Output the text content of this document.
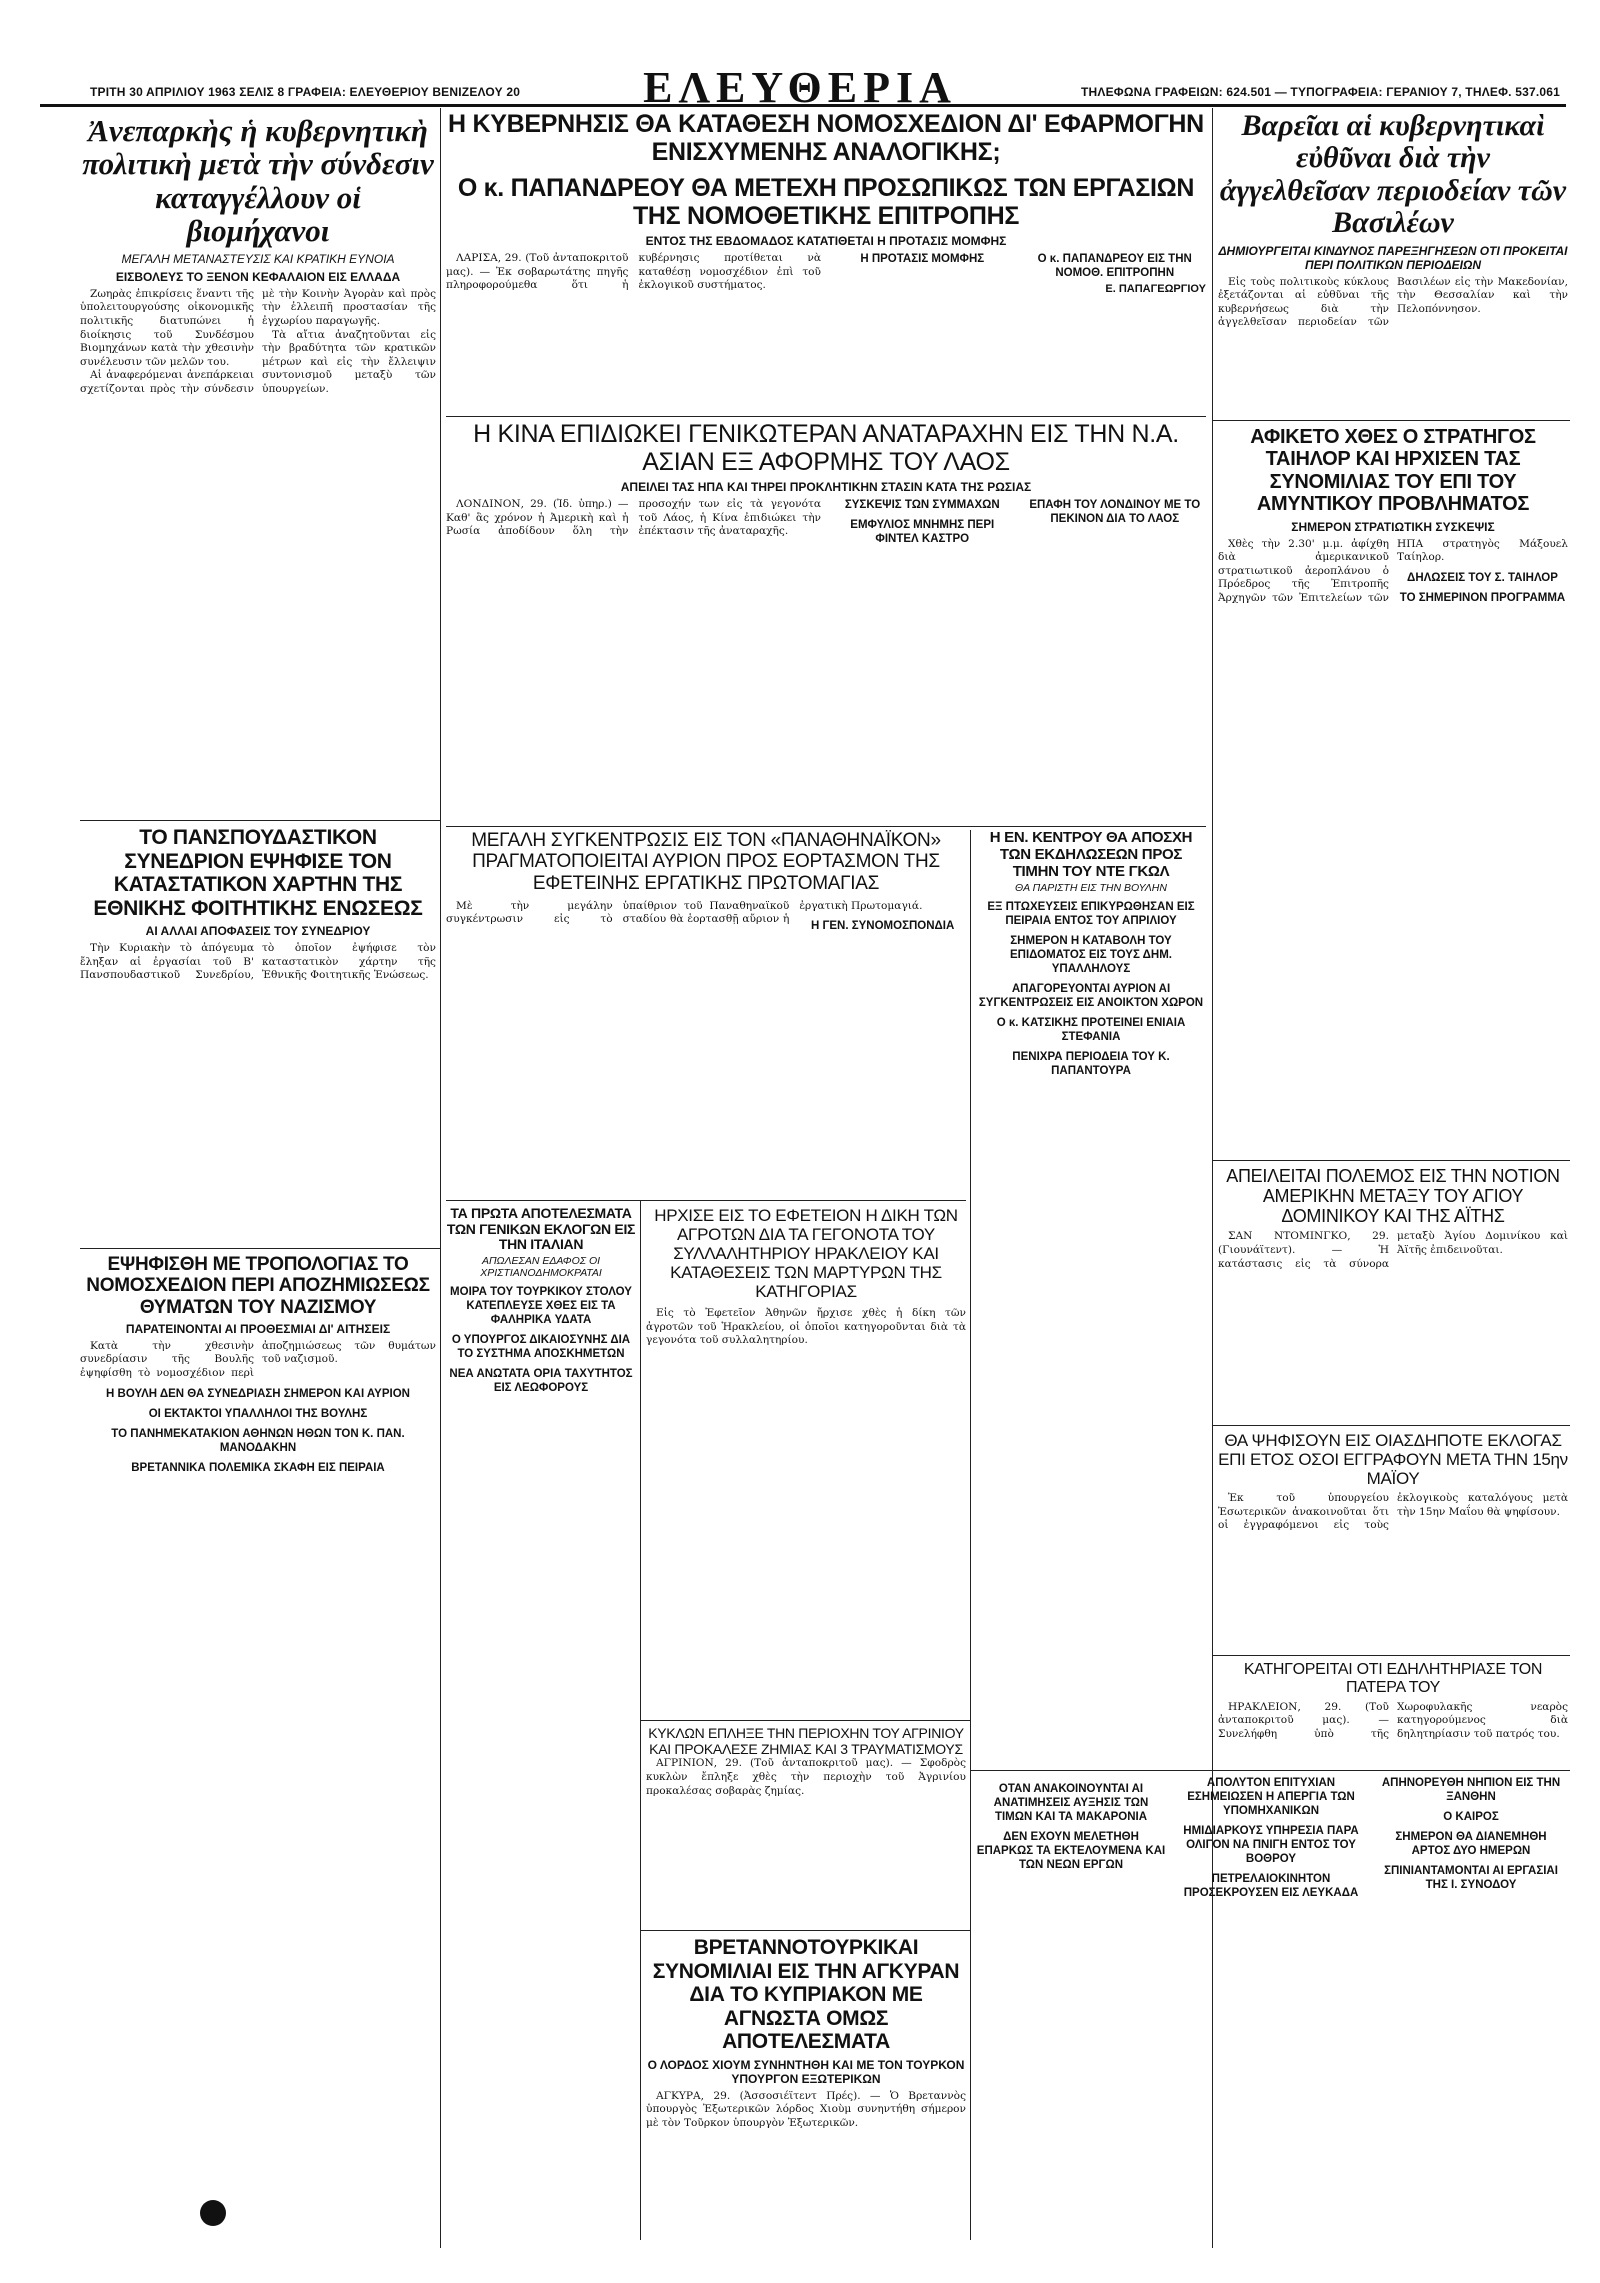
ΤΡΙΤΗ 30 ΑΠΡΙΛΙΟΥ 1963 ΣΕΛΙΣ 8 ΓΡΑΦΕΙΑ: ΕΛΕΥΘΕΡΙΟΥ ΒΕΝΙΖΕΛΟΥ 20	ΕΛΕΥΘΕΡΙΑ	ΤΗΛΕΦΩΝΑ ΓΡΑΦΕΙΩΝ: 624.501 — ΤΥΠΟΓΡΑΦΕΙΑ: ΓΕΡΑΝΙΟΥ 7, ΤΗΛΕΦ. 537.061
Ἀνεπαρκὴς ἡ κυβερνητικὴ πολιτικὴ μετὰ τὴν σύνδεσιν καταγγέλλουν οἱ βιομήχανοι
ΜΕΓΑΛΗ ΜΕΤΑΝΑΣΤΕΥΣΙΣ ΚΑΙ ΚΡΑΤΙΚΗ ΕΥΝΟΙΑ
ΕΙΣΒΟΛΕΥΣ ΤΟ ΞΕΝΟΝ ΚΕΦΑΛΑΙΟΝ ΕΙΣ ΕΛΛΑΔΑ

Ζωηρὰς ἐπικρίσεις ἕναντι τῆς ὑπολειτουργούσης οἰκονομικῆς πολιτικῆς διατυπώνει ἡ διοίκησις τοῦ Συνδέσμου Βιομηχάνων κατὰ τὴν χθεσινὴν συνέλευσιν τῶν μελῶν του.

Αἱ ἀναφερόμεναι ἀνεπάρκειαι σχετίζονται πρὸς τὴν σύνδεσιν μὲ τὴν Κοινὴν Ἀγορὰν καὶ πρὸς τὴν ἐλλειπῆ προστασίαν τῆς ἐγχωρίου παραγωγῆς.

Τὰ αἴτια ἀναζητοῦνται εἰς τὴν βραδύτητα τῶν κρατικῶν μέτρων καὶ εἰς τὴν ἔλλειψιν συντονισμοῦ μεταξὺ τῶν ὑπουργείων.

ΤΟ ΠΑΝΣΠΟΥΔΑΣΤΙΚΟΝ ΣΥΝΕΔΡΙΟΝ ΕΨΗΦΙΣΕ ΤΟΝ ΚΑΤΑΣΤΑΤΙΚΟΝ ΧΑΡΤΗΝ ΤΗΣ ΕΘΝΙΚΗΣ ΦΟΙΤΗΤΙΚΗΣ ΕΝΩΣΕΩΣ
ΑΙ ΑΛΛΑΙ ΑΠΟΦΑΣΕΙΣ ΤΟΥ ΣΥΝΕΔΡΙΟΥ

Τὴν Κυριακὴν τὸ ἀπόγευμα ἔληξαν αἱ ἐργασίαι τοῦ Β' Πανσπουδαστικοῦ Συνεδρίου, τὸ ὁποῖον ἐψήφισε τὸν καταστατικὸν χάρτην τῆς Ἐθνικῆς Φοιτητικῆς Ἑνώσεως.

ΕΨΗΦΙΣΘΗ ΜΕ ΤΡΟΠΟΛΟΓΙΑΣ ΤΟ ΝΟΜΟΣΧΕΔΙΟΝ ΠΕΡΙ ΑΠΟΖΗΜΙΩΣΕΩΣ ΘΥΜΑΤΩΝ ΤΟΥ ΝΑΖΙΣΜΟΥ
ΠΑΡΑΤΕΙΝΟΝΤΑΙ ΑΙ ΠΡΟΘΕΣΜΙΑΙ ΔΙ' ΑΙΤΗΣΕΙΣ

Κατὰ τὴν χθεσινὴν συνεδρίασιν τῆς Βουλῆς ἐψηφίσθη τὸ νομοσχέδιον περὶ ἀποζημιώσεως τῶν θυμάτων τοῦ ναζισμοῦ.

Η ΒΟΥΛΗ ΔΕΝ ΘΑ ΣΥΝΕΔΡΙΑΣΗ ΣΗΜΕΡΟΝ ΚΑΙ ΑΥΡΙΟΝ
ΟΙ ΕΚΤΑΚΤΟΙ ΥΠΑΛΛΗΛΟΙ ΤΗΣ ΒΟΥΛΗΣ
ΤΟ ΠΑΝΗΜΕΚΑΤΑΚΙΟΝ ΑΘΗΝΩΝ ΗΘΩΝ ΤΟΝ Κ. ΠΑΝ. ΜΑΝΟΔΑΚΗΝ
ΒΡΕΤΑΝΝΙΚΑ ΠΟΛΕΜΙΚΑ ΣΚΑΦΗ ΕΙΣ ΠΕΙΡΑΙΑ
Η ΚΥΒΕΡΝΗΣΙΣ ΘΑ ΚΑΤΑΘΕΣΗ ΝΟΜΟΣΧΕΔΙΟΝ ΔΙ' ΕΦΑΡΜΟΓΗΝ ΕΝΙΣΧΥΜΕΝΗΣ ΑΝΑΛΟΓΙΚΗΣ;
Ο κ. ΠΑΠΑΝΔΡΕΟΥ ΘΑ ΜΕΤΕΧΗ ΠΡΟΣΩΠΙΚΩΣ ΤΩΝ ΕΡΓΑΣΙΩΝ ΤΗΣ ΝΟΜΟΘΕΤΙΚΗΣ ΕΠΙΤΡΟΠΗΣ
ΕΝΤΟΣ ΤΗΣ ΕΒΔΟΜΑΔΟΣ ΚΑΤΑΤΙΘΕΤΑΙ Η ΠΡΟΤΑΣΙΣ ΜΟΜΦΗΣ

ΛΑΡΙΣΑ, 29. (Τοῦ ἀνταποκριτοῦ μας). — Ἐκ σοβαρωτάτης πηγῆς πληροφορούμεθα ὅτι ἡ κυβέρνησις προτίθεται νὰ καταθέσῃ νομοσχέδιον ἐπὶ τοῦ ἐκλογικοῦ συστήματος.

Η ΠΡΟΤΑΣΙΣ ΜΟΜΦΗΣ	Ο κ. ΠΑΠΑΝΔΡΕΟΥ ΕΙΣ ΤΗΝ ΝΟΜΟΘ. ΕΠΙΤΡΟΠΗΝ
Ε. ΠΑΠΑΓΕΩΡΓΙΟΥ
Η ΚΙΝΑ ΕΠΙΔΙΩΚΕΙ ΓΕΝΙΚΩΤΕΡΑΝ ΑΝΑΤΑΡΑΧΗΝ ΕΙΣ ΤΗΝ Ν.Α. ΑΣΙΑΝ ΕΞ ΑΦΟΡΜΗΣ ΤΟΥ ΛΑΟΣ
ΑΠΕΙΛΕΙ ΤΑΣ ΗΠΑ ΚΑΙ ΤΗΡΕΙ ΠΡΟΚΛΗΤΙΚΗΝ ΣΤΑΣΙΝ ΚΑΤΑ ΤΗΣ ΡΩΣΙΑΣ

ΛΟΝΔΙΝΟΝ, 29. (Ἰδ. ὑπηρ.) — Καθ' ἃς χρόνον ἡ Ἀμερικὴ καὶ ἡ Ρωσία ἀποδίδουν ὅλη τὴν προσοχήν των εἰς τὰ γεγονότα τοῦ Λάος, ἡ Κίνα ἐπιδιώκει τὴν ἐπέκτασιν τῆς ἀναταραχῆς.

ΣΥΣΚΕΨΙΣ ΤΩΝ ΣΥΜΜΑΧΩΝ
ΕΜΦΥΛΙΟΣ ΜΝΗΜΗΣ ΠΕΡΙ ΦΙΝΤΕΛ ΚΑΣΤΡΟ
ΕΠΑΦΗ ΤΟΥ ΛΟΝΔΙΝΟΥ ΜΕ ΤΟ ΠΕΚΙΝΟΝ ΔΙΑ ΤΟ ΛΑΟΣ
ΜΕΓΑΛΗ ΣΥΓΚΕΝΤΡΩΣΙΣ ΕΙΣ ΤΟΝ «ΠΑΝΑΘΗΝΑΪΚΟΝ» ΠΡΑΓΜΑΤΟΠΟΙΕΙΤΑΙ ΑΥΡΙΟΝ ΠΡΟΣ ΕΟΡΤΑΣΜΟΝ ΤΗΣ ΕΦΕΤΕΙΝΗΣ ΕΡΓΑΤΙΚΗΣ ΠΡΩΤΟΜΑΓΙΑΣ

Μὲ τὴν μεγάλην συγκέντρωσιν εἰς τὸ ὑπαίθριον τοῦ Παναθηναϊκοῦ σταδίου θὰ ἑορτασθῇ αὔριον ἡ ἐργατικὴ Πρωτομαγιά.

Η ΓΕΝ. ΣΥΝΟΜΟΣΠΟΝΔΙΑ
Η ΕΝ. ΚΕΝΤΡΟΥ ΘΑ ΑΠΟΣΧΗ ΤΩΝ ΕΚΔΗΛΩΣΕΩΝ ΠΡΟΣ ΤΙΜΗΝ ΤΟΥ ΝΤΕ ΓΚΩΛ
ΘΑ ΠΑΡΙΣΤΗ ΕΙΣ ΤΗΝ ΒΟΥΛΗΝ
ΕΞ ΠΤΩΧΕΥΣΕΙΣ ΕΠΙΚΥΡΩΘΗΣΑΝ ΕΙΣ ΠΕΙΡΑΙΑ ΕΝΤΟΣ ΤΟΥ ΑΠΡΙΛΙΟΥ
ΣΗΜΕΡΟΝ Η ΚΑΤΑΒΟΛΗ ΤΟΥ ΕΠΙΔΟΜΑΤΟΣ ΕΙΣ ΤΟΥΣ ΔΗΜ. ΥΠΑΛΛΗΛΟΥΣ
ΑΠΑΓΟΡΕΥΟΝΤΑΙ ΑΥΡΙΟΝ ΑΙ ΣΥΓΚΕΝΤΡΩΣΕΙΣ ΕΙΣ ΑΝΟΙΚΤΟΝ ΧΩΡΟΝ
Ο κ. ΚΑΤΣΙΚΗΣ ΠΡΟΤΕΙΝΕΙ ΕΝΙΑΙΑ ΣΤΕΦΑΝΙΑ
ΠΕΝΙΧΡΑ ΠΕΡΙΟΔΕΙΑ ΤΟΥ Κ. ΠΑΠΑΝΤΟΥΡΑ
ΤΑ ΠΡΩΤΑ ΑΠΟΤΕΛΕΣΜΑΤΑ ΤΩΝ ΓΕΝΙΚΩΝ ΕΚΛΟΓΩΝ ΕΙΣ ΤΗΝ ΙΤΑΛΙΑΝ
ΑΠΩΛΕΣΑΝ ΕΔΑΦΟΣ ΟΙ ΧΡΙΣΤΙΑΝΟΔΗΜΟΚΡΑΤΑΙ
ΜΟΙΡΑ ΤΟΥ ΤΟΥΡΚΙΚΟΥ ΣΤΟΛΟΥ ΚΑΤΕΠΛΕΥΣΕ ΧΘΕΣ ΕΙΣ ΤΑ ΦΑΛΗΡΙΚΑ ΥΔΑΤΑ
Ο ΥΠΟΥΡΓΟΣ ΔΙΚΑΙΟΣΥΝΗΣ ΔΙΑ ΤΟ ΣΥΣΤΗΜΑ ΑΠΟΣΚΗΜΕΤΩΝ
ΝΕΑ ΑΝΩΤΑΤΑ ΟΡΙΑ ΤΑΧΥΤΗΤΟΣ ΕΙΣ ΛΕΩΦΟΡΟΥΣ
ΗΡΧΙΣΕ ΕΙΣ ΤΟ ΕΦΕΤΕΙΟΝ Η ΔΙΚΗ ΤΩΝ ΑΓΡΟΤΩΝ ΔΙΑ ΤΑ ΓΕΓΟΝΟΤΑ ΤΟΥ ΣΥΛΛΑΛΗΤΗΡΙΟΥ ΗΡΑΚΛΕΙΟΥ ΚΑΙ ΚΑΤΑΘΕΣΕΙΣ ΤΩΝ ΜΑΡΤΥΡΩΝ ΤΗΣ ΚΑΤΗΓΟΡΙΑΣ

Εἰς τὸ Ἐφετεῖον Ἀθηνῶν ἤρχισε χθὲς ἡ δίκη τῶν ἀγροτῶν τοῦ Ἡρακλείου, οἱ ὁποῖοι κατηγοροῦνται διὰ τὰ γεγονότα τοῦ συλλαλητηρίου.

ΚΥΚΛΩΝ ΕΠΛΗΞΕ ΤΗΝ ΠΕΡΙΟΧΗΝ ΤΟΥ ΑΓΡΙΝΙΟΥ ΚΑΙ ΠΡΟΚΑΛΕΣΕ ΖΗΜΙΑΣ ΚΑΙ 3 ΤΡΑΥΜΑΤΙΣΜΟΥΣ

ΑΓΡΙΝΙΟΝ, 29. (Τοῦ ἀνταποκριτοῦ μας). — Σφοδρὸς κυκλὼν ἔπληξε χθὲς τὴν περιοχὴν τοῦ Ἀγρινίου προκαλέσας σοβαρὰς ζημίας.

ΒΡΕΤΑΝΝΟΤΟΥΡΚΙΚΑΙ ΣΥΝΟΜΙΛΙΑΙ ΕΙΣ ΤΗΝ ΑΓΚΥΡΑΝ ΔΙΑ ΤΟ ΚΥΠΡΙΑΚΟΝ ΜΕ ΑΓΝΩΣΤΑ ΟΜΩΣ ΑΠΟΤΕΛΕΣΜΑΤΑ
Ο ΛΟΡΔΟΣ ΧΙΟΥΜ ΣΥΝΗΝΤΗΘΗ ΚΑΙ ΜΕ ΤΟΝ ΤΟΥΡΚΟΝ ΥΠΟΥΡΓΟΝ ΕΞΩΤΕΡΙΚΩΝ

ΑΓΚΥΡΑ, 29. (Ἀσσοσιέϊτεντ Πρές). — Ὁ Βρεταννὸς ὑπουργὸς Ἐξωτερικῶν λόρδος Χιοὺμ συνηντήθη σήμερον μὲ τὸν Τοῦρκον ὑπουργὸν Ἐξωτερικῶν.

Βαρεῖαι αἱ κυβερνητικαὶ εὐθῦναι διὰ τὴν ἀγγελθεῖσαν περιοδείαν τῶν Βασιλέων
ΔΗΜΙΟΥΡΓΕΙΤΑΙ ΚΙΝΔΥΝΟΣ ΠΑΡΕΞΗΓΗΣΕΩΝ ΟΤΙ ΠΡΟΚΕΙΤΑΙ ΠΕΡΙ ΠΟΛΙΤΙΚΩΝ ΠΕΡΙΟΔΕΙΩΝ

Εἰς τοὺς πολιτικοὺς κύκλους ἐξετάζονται αἱ εὐθῦναι τῆς κυβερνήσεως διὰ τὴν ἀγγελθεῖσαν περιοδείαν τῶν Βασιλέων εἰς τὴν Μακεδονίαν, τὴν Θεσσαλίαν καὶ τὴν Πελοπόννησον.

ΑΦΙΚΕΤΟ ΧΘΕΣ Ο ΣΤΡΑΤΗΓΟΣ ΤΑΙΗΛΟΡ ΚΑΙ ΗΡΧΙΣΕΝ ΤΑΣ ΣΥΝΟΜΙΛΙΑΣ ΤΟΥ ΕΠΙ ΤΟΥ ΑΜΥΝΤΙΚΟΥ ΠΡΟΒΛΗΜΑΤΟΣ
ΣΗΜΕΡΟΝ ΣΤΡΑΤΙΩΤΙΚΗ ΣΥΣΚΕΨΙΣ

Χθὲς τὴν 2.30' μ.μ. ἀφίχθη διὰ ἀμερικανικοῦ στρατιωτικοῦ ἀεροπλάνου ὁ Πρόεδρος τῆς Ἐπιτροπῆς Ἀρχηγῶν τῶν Ἐπιτελείων τῶν ΗΠΑ στρατηγὸς Μάξουελ Ταίηλορ.

ΔΗΛΩΣΕΙΣ ΤΟΥ Σ. ΤΑΙΗΛΟΡ
ΤΟ ΣΗΜΕΡΙΝΟΝ ΠΡΟΓΡΑΜΜΑ
ΑΠΕΙΛΕΙΤΑΙ ΠΟΛΕΜΟΣ ΕΙΣ ΤΗΝ ΝΟΤΙΟΝ ΑΜΕΡΙΚΗΝ ΜΕΤΑΞΥ ΤΟΥ ΑΓΙΟΥ ΔΟΜΙΝΙΚΟΥ ΚΑΙ ΤΗΣ ΑΪΤΗΣ

ΣΑΝ ΝΤΟΜΙΝΓΚΟ, 29. (Γιουνάϊτεντ). — Ἡ κατάστασις εἰς τὰ σύνορα μεταξὺ Ἁγίου Δομινίκου καὶ Ἀϊτῆς ἐπιδεινοῦται.

ΘΑ ΨΗΦΙΣΟΥΝ ΕΙΣ ΟΙΑΣΔΗΠΟΤΕ ΕΚΛΟΓΑΣ ΕΠΙ ΕΤΟΣ ΟΣΟΙ ΕΓΓΡΑΦΟΥΝ ΜΕΤΑ ΤΗΝ 15ην ΜΑΪΟΥ

Ἐκ τοῦ ὑπουργείου Ἐσωτερικῶν ἀνακοινοῦται ὅτι οἱ ἐγγραφόμενοι εἰς τοὺς ἐκλογικοὺς καταλόγους μετὰ τὴν 15ην Μαΐου θὰ ψηφίσουν.

ΚΑΤΗΓΟΡΕΙΤΑΙ ΟΤΙ ΕΔΗΛΗΤΗΡΙΑΣΕ ΤΟΝ ΠΑΤΕΡΑ ΤΟΥ

ΗΡΑΚΛΕΙΟΝ, 29. (Τοῦ ἀνταποκριτοῦ μας). — Συνελήφθη ὑπὸ τῆς Χωροφυλακῆς νεαρὸς κατηγορούμενος διὰ δηλητηρίασιν τοῦ πατρός του.

ΟΤΑΝ ΑΝΑΚΟΙΝΟΥΝΤΑΙ ΑΙ ΑΝΑΤΙΜΗΣΕΙΣ ΑΥΞΗΣΙΣ ΤΩΝ ΤΙΜΩΝ ΚΑΙ ΤΑ ΜΑΚΑΡΟΝΙΑ
ΔΕΝ ΕΧΟΥΝ ΜΕΛΕΤΗΘΗ ΕΠΑΡΚΩΣ ΤΑ ΕΚΤΕΛΟΥΜΕΝΑ ΚΑΙ ΤΩΝ ΝΕΩΝ ΕΡΓΩΝ
ΑΠΟΛΥΤΟΝ ΕΠΙΤΥΧΙΑΝ ΕΣΗΜΕΙΩΣΕΝ Η ΑΠΕΡΓΙΑ ΤΩΝ ΥΠΟΜΗΧΑΝΙΚΩΝ
ΗΜΙΔΙΑΡΚΟΥΣ ΥΠΗΡΕΣΙΑ ΠΑΡΑ ΟΛΙΓΟΝ ΝΑ ΠΝΙΓΗ ΕΝΤΟΣ ΤΟΥ ΒΟΘΡΟΥ
ΠΕΤΡΕΛΑΙΟΚΙΝΗΤΟΝ ΠΡΟΣΕΚΡΟΥΣΕΝ ΕΙΣ ΛΕΥΚΑΔΑ
ΑΠΗΝΟΡΕΥΘΗ ΝΗΠΙΟΝ ΕΙΣ ΤΗΝ ΞΑΝΘΗΝ
Ο ΚΑΙΡΟΣ
ΣΗΜΕΡΟΝ ΘΑ ΔΙΑΝΕΜΗΘΗ ΑΡΤΟΣ ΔΥΟ ΗΜΕΡΩΝ
ΣΠΙΝΙΑΝΤΑΜΟΝΤΑΙ ΑΙ ΕΡΓΑΣΙΑΙ ΤΗΣ Ι. ΣΥΝΟΔΟΥ
